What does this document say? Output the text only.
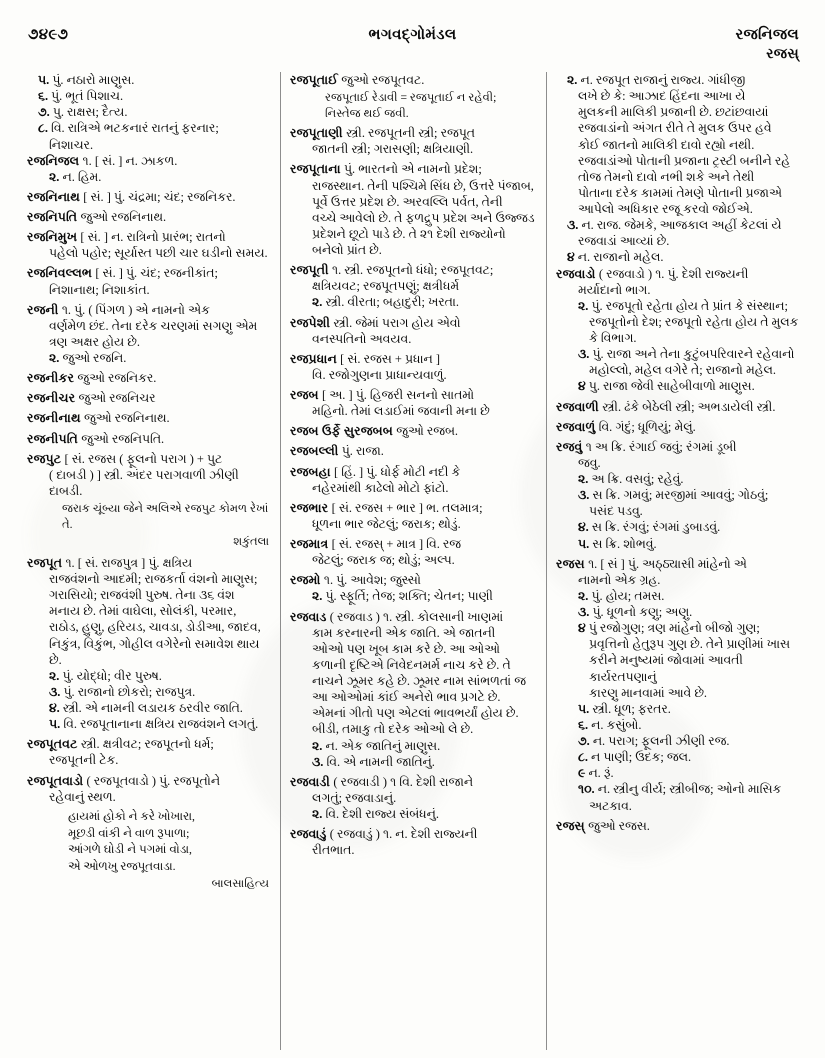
૭૪૯૭	ભગવદ્ગોમંડલ	રજનિજલ
રજસ્
૫. પું. નઠારો માણુસ.
૬. પું. ભૂતં પિશાચ.
૭. પુ. રાક્ષસ; દૈત્ય.
૮. વિ. રાત્રિએ ભટકનારં રાતનું ફરનાર;
નિશાચર.
રજનિજલ ૧. [ સં. ] ન. ઝાકળ.
૨. ન. હિમ.
રજનિનાથ [ સં. ] પું. ચંદ્રમા; ચંદ; રજનિકર.
રજનિપતિ જુઓ રજનિનાથ.
રજનિમુખ [ સં. ] ન. રાત્રિનો પ્રારંભ; રાતનો
પહેલો પહોર; સૂર્યાસ્ત પછી ચાર ઘડીનો સમય.
રજનિવલ્લભ [ સં. ] પું. ચંદ; રજનીકાંત;
નિશાનાથ; નિશાકાંત.
રજની ૧. પું. ( પિંગળ ) એ નામનો એક
વર્ણમેળ છંદ. તેના દરેક ચરણમાં સગણુ એમ
ત્રણ અક્ષર હોય છે.
૨. જુઓ રજનિ.
રજનીકર જુઓ રજનિકર.
રજનીચર જુઓ રજનિચર
રજનીનાથ જુઓ રજનિનાથ.
રજનીપતિ જુઓ રજનિપતિ.
રજપુટ [ સં. રજસ ( ફૂલનો પરાગ ) + પુટ
( દાબડી ) ] સ્ત્રી. અંદર પરાગવાળી ઝીણી
દાબડી.
જરાક ચૂંબ્યા જેને અલિએ રજપુટ કોમળ રેખાં તે.
શકુંતલા
રજપૂત ૧. [ સં. રાજપુત્ર ] પું. ક્ષત્રિય
રાજવંશનો આદમી; રાજકર્તા વંશનો માણુસ;
ગરાસિયો; રાજવંશી પુરુષ. તેના ૩૬ વંશ
મનાય છે. તેમાં વાઘેલા, સોલંકી, પરમાર,
રાઠોડ, હુણુ, હરિયડ, ચાવડા, ડોડીઆ, જાદવ,
નિકુંત્ર, વિકુંભ, ગોહીલ વગેરેનો સમાવેશ થાય છે.
૨. પું. યોદ્ધો; વીર પુરુષ.
૩. પું. રાજાનો છોકરો; રાજપુત્ર.
૪. સ્ત્રી. એ નામની લડાયક ઠરવીર જાતિ.
૫. વિ. રજપૂતાનાના ક્ષત્રિય રાજવંશને લગતું.
રજપૂતવટ સ્ત્રી. ક્ષત્રીવટ; રજપૂતનો ધર્મ;
રજપૂતની ટેક.
રજપૂતવાડો ( રજપૂતવાડો ) પું. રજપૂતોને
રહેવાનું સ્થળ.
હાયમાં હોકો ને કરે ખોખારા,
મૂછડી વાંકી ને વાળ રૂપાળા;
આંગળે ઘોડી ને પગમાં વોડા,
એ ઓળખુ રજપૂતવાડા.
બાલસાહિત્ય
રજપૂતાઈ જુઓ રજપૂતવટ.
રજપૂતાઈ રેડાવી = રજપૂતાઈ ન રહેવી;
નિસ્તેજ થઈ જવી.
રજપૂતાણી સ્ત્રી. રજપૂતની સ્ત્રી; રજપૂત
જાતની સ્ત્રી; ગરાસણી; ક્ષત્રિયાણી.
રજપૂતાના પું. ભારતનો એ નામનો પ્રદેશ;
રાજસ્થાન. તેની પશ્ચિમે સિંધ છે, ઉત્તરે પંજાબ,
પૂર્વે ઉત્તર પ્રદેશ છે. અરવલ્લિ પર્વત, તેની
વચ્ચે આવેલો છે. તે ફળદ્રુપ પ્રદેશ અને ઉજ્જડ
પ્રદેશને છૂટો પાડે છે. તે ૨૧ દેશી રાજ્યોનો
બનેલો પ્રાંત છે.
રજપૂતી ૧. સ્ત્રી. રજપૂતનો ધંધો; રજપૂતવટ;
ક્ષત્રિયવટ; રજપૂતપણું; ક્ષત્રીધર્મ
૨. સ્ત્રી. વીરતા; બહાદુરી; ખરતા.
રજપેશી સ્ત્રી. જેમાં પરાગ હોય એવો
વનસ્પતિનો અવયવ.
રજપ્રધાન [ સં. રજસ + પ્રધાન ]
વિ. રજોગુણના પ્રાધાન્યવાળું.
રજબ [ અ. ] પું. હિજરી સનનો સાતમો
મહિનો. તેમાં લડાઈમાં જવાની મના છે
રજબ ઉર્ફે સુરજબબ જુઓ રજબ.
રજબલ્લી પું. રાજા.
રજબહા [ હિં. ] પું. ધોર્ફ મોટી નદી કે
નહેરમાંથી કાઢેલો મોટો ફાંટો.
રજભાર [ સં. રજસ + ભાર ] ભ. તલમાત્ર;
ધૂળના ભાર જેટલું; જરાક; થોડું.
રજમાત્ર [ સં. રજસ્ + માત્ર ] વિ. રજ
જેટલું; જરાક જ; થોડું; અલ્પ.
રજમો ૧. પું. આવેશ; જુસ્સો
૨. પું. સ્ફૂર્તિ; તેજ; શક્તિ; ચેતન; પાણી
રજવાડ ( રજવાડ ) ૧. સ્ત્રી. કોલસાની ખાણમાં
કામ કરનારની એક જાતિ. એ જાતની
ઓઓ પણ ખૂબ કામ કરે છે. આ ઓઓ
કળાની દૃષ્ટિએ નિવેદનમર્મ નાચ કરે છે. તે
નાચને ઝૂમર કહે છે. ઝૂમર નામ સાંભળતાં જ
આ ઓઓમાં કાંઈ અનેરો ભાવ પ્રગટે છે.
એમનાં ગીતો પણ એટલાં ભાવભર્યાં હોય છે.
બીડી, તમાકુ તો દરેક ઓઓ લે છે.
૨. ન. એક જાતિનું માણુસ.
૩. વિ. એ નામની જાતિનું.
રજવાડી ( રજવાડી ) ૧ વિ. દેશી રાજાને
લગતું; રજવાડાનું.
૨. વિ. દેશી રાજ્ય સંબંધનું.
રજવાડું ( રજવાડું ) ૧. ન. દેશી રાજ્યની
રીતભાત.
૨. ન. રજપૂત રાજાનું રાજ્ય. ગાંધીજી
લખે છે કે: આઝાદ હિંદના આખા યે
મુલકની માલિકી પ્રજાની છે. છટાંછવાયાં
રજવાડાંનો અંગત રીતે તે મુલક ઉપર હવે
કોઈ જાતનો માલિકી દાવો રહ્યો નથી.
રજવાડાંઓ પોતાની પ્રજાના ટ્રસ્ટી બનીને રહે
તોજ તેમનો દાવો નભી શકે અને તેથી
પોતાના દરેક કામમાં તેમણે પોતાની પ્રજાએ
આપેલો અધિકાર રજૂ કરવો જોઈએ.
૩. ન. રાજ. જેમકે, આજકાલ અહીં કેટલાં યે
રજવાડાં આવ્યાં છે.
૪ ન. રાજાનો મહેલ.
રજવાડો ( રજવાડો ) ૧. પું. દેશી રાજ્યની
મર્યાદાનો ભાગ.
૨. પું. રજપૂતો રહેતા હોય તે પ્રાંત કે સંસ્થાન;
રજપૂતોનો દેશ; રજપૂતો રહેતા હોય તે મુલક
કે વિભાગ.
૩. પું. રાજા અને તેના કુટુંબપરિવારને રહેવાનો
મહોલ્લો, મહેલ વગેરે તે; રાજાનો મહેલ.
૪ પુ. રાજા જેવી સાહેબીવાળો માણુસ.
રજવાળી સ્ત્રી. ઢંકે બેઠેલી સ્ત્રી; અભડાયેલી સ્ત્રી.
રજવાળું વિ. ગંદું; ધૂળિયું; મેલું.
રજવું ૧ અ ક્રિ. રંગાઈ જવું; રંગમાં ડૂબી
જવુ.
૨. અ ક્રિ. વસવું; રહેવું.
૩. સ ક્રિ. ગમવું; મરજીમાં આવવું; ગોઠવું;
પસંદ પડવુ.
૪. સ ક્રિ. રંગવું; રંગમાં ડુબાડવું.
૫. સ ક્રિ. શોભવું.
રજસ ૧. [ સં ] પું. અઠ્ઠ્યાસી માંહેનો એ
નામનો એક ગ્રહ.
૨. પું. હોય; તમસ.
૩. પું. ધૂળનો કણુ; અણુ.
૪ પું રજોગુણ; ત્રણ માંહેનો બીજો ગુણ;
પ્રવૃત્તિનો હેતુરૂપ ગુણ છે. તેને પ્રાણીમાં ખાસ
કરીને મનુષ્યમાં જોવામાં આવતી કાર્યરતપણાનું
કારણુ માનવામાં આવે છે.
૫. સ્ત્રી. ધૂળ; ફરતર.
૬. ન. કસુંબો.
૭. ન. પરાગ; ફૂલની ઝીણી રજ.
૮. ન પાણી; ઉદક; જલ.
૯ ન. રૂં.
૧૦. ન. સ્ત્રીનુ વીર્ય; સ્ત્રીબીજ; ઓનો માસિક
અટકાવ.
રજસ્ જુઓ રજસ.
